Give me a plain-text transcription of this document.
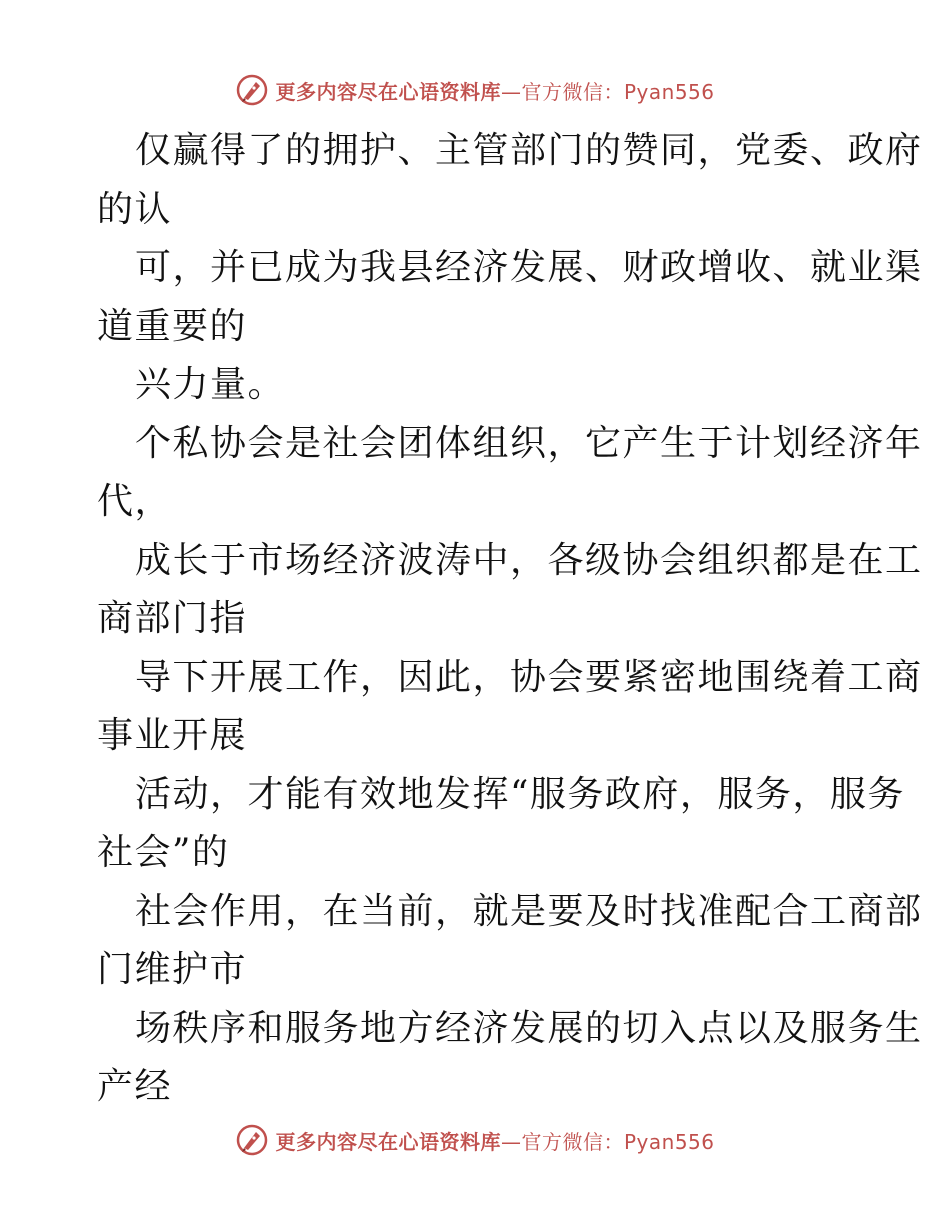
更多内容尽在心语资料库—官方微信：Pyan556
仅赢得了的拥护、主管部门的赞同，党委、政府
的认
可，并已成为我县经济发展、财政增收、就业渠
道重要的
兴力量。
个私协会是社会团体组织，它产生于计划经济年
代，
成长于市场经济波涛中，各级协会组织都是在工
商部门指
导下开展工作，因此，协会要紧密地围绕着工商
事业开展
活动，才能有效地发挥“服务政府，服务，服务
社会”的
社会作用，在当前，就是要及时找准配合工商部
门维护市
场秩序和服务地方经济发展的切入点以及服务生
产经
更多内容尽在心语资料库—官方微信：Pyan556
